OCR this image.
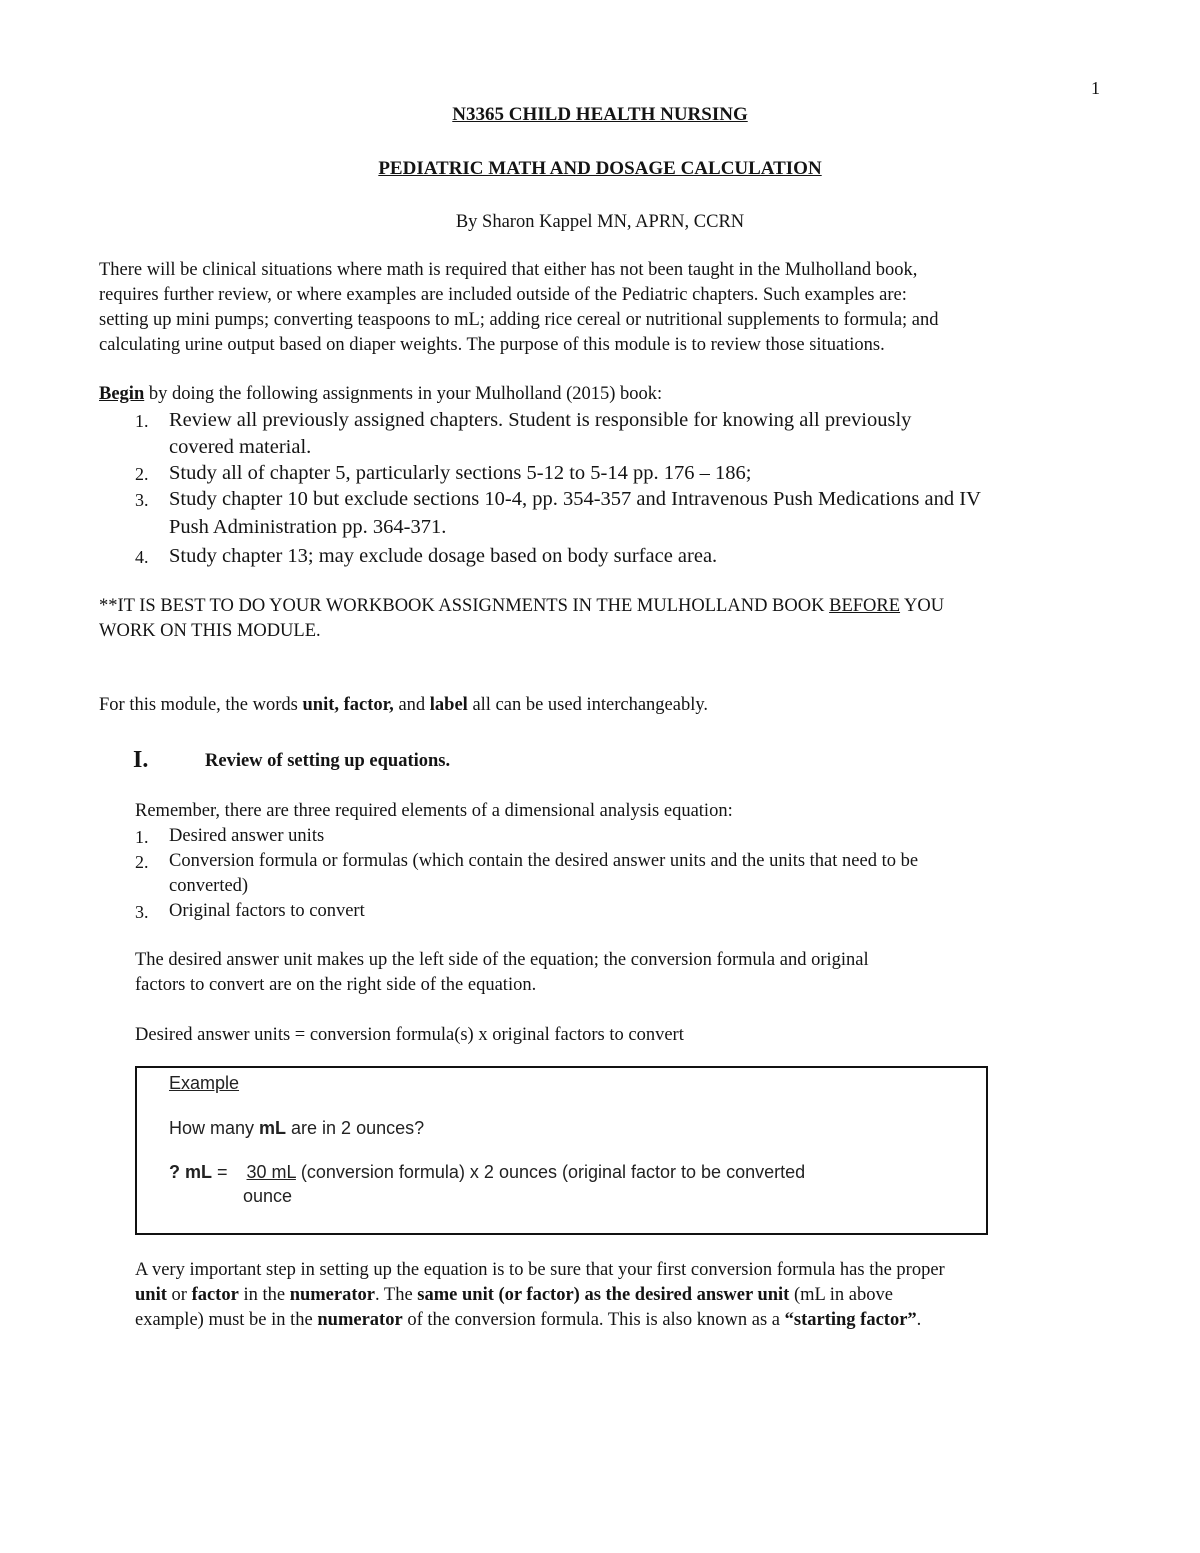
1
N3365 CHILD HEALTH NURSING
PEDIATRIC MATH AND DOSAGE CALCULATION
By Sharon Kappel MN, APRN, CCRN
There will be clinical situations where math is required that either has not been taught in the Mulholland book,
requires further review, or where examples are included outside of the Pediatric chapters. Such examples are:
setting up mini pumps; converting teaspoons to mL; adding rice cereal or nutritional supplements to formula; and
calculating urine output based on diaper weights. The purpose of this module is to review those situations.
Begin by doing the following assignments in your Mulholland (2015) book:
1. Review all previously assigned chapters. Student is responsible for knowing all previously
covered material.
2. Study all of chapter 5, particularly sections 5-12 to 5-14 pp. 176 – 186;
3. Study chapter 10 but exclude sections 10-4, pp. 354-357 and Intravenous Push Medications and IV
Push Administration pp. 364-371.
4. Study chapter 13; may exclude dosage based on body surface area.
**IT IS BEST TO DO YOUR WORKBOOK ASSIGNMENTS IN THE MULHOLLAND BOOK BEFORE YOU
WORK ON THIS MODULE.
For this module, the words unit, factor, and label all can be used interchangeably.
I.	Review of setting up equations.
Remember, there are three required elements of a dimensional analysis equation:
1. Desired answer units
2. Conversion formula or formulas (which contain the desired answer units and the units that need to be
converted)
3. Original factors to convert
The desired answer unit makes up the left side of the equation; the conversion formula and original
factors to convert are on the right side of the equation.
Desired answer units = conversion formula(s) x original factors to convert
Example
How many mL are in 2 ounces?
? mL = 30 mL (conversion formula) x 2 ounces (original factor to be converted
ounce
A very important step in setting up the equation is to be sure that your first conversion formula has the proper
unit or factor in the numerator. The same unit (or factor) as the desired answer unit (mL in above
example) must be in the numerator of the conversion formula. This is also known as a “starting factor”.
